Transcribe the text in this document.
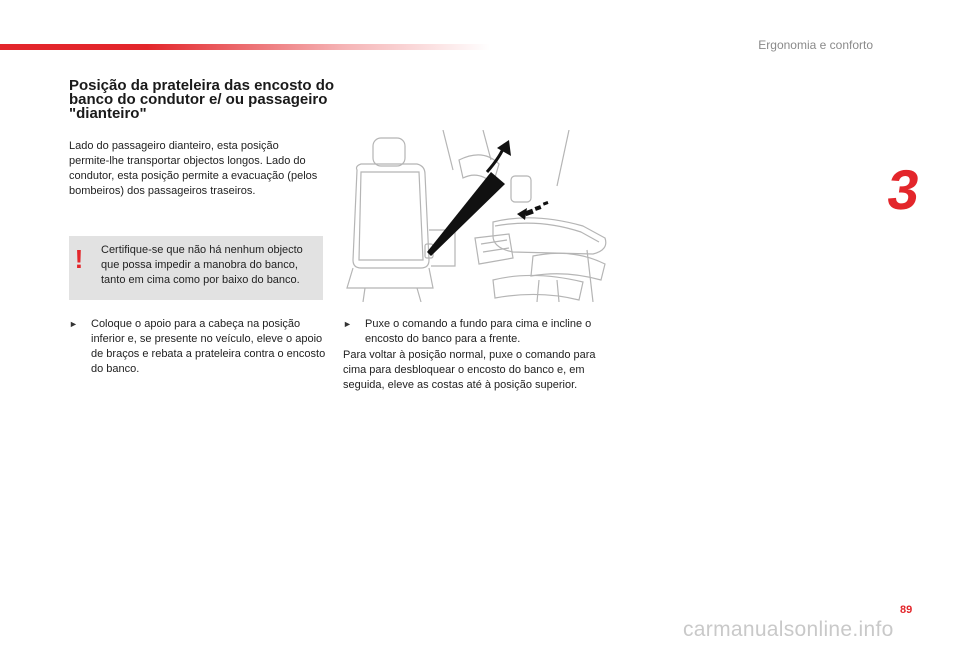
Ergonomia e conforto
3
Posição da prateleira das encosto do banco do condutor e/ ou passageiro "dianteiro"

Lado do passageiro dianteiro, esta posição permite-lhe transportar objectos longos. Lado do condutor, esta posição permite a evacuação (pelos bombeiros) dos passageiros traseiros.

!	Certifique-se que não há nenhum objecto que possa impedir a manobra do banco, tanto em cima como por baixo do banco.

►	Coloque o apoio para a cabeça na posição inferior e, se presente no veículo, eleve o apoio de braços e rebata a prateleira contra o encosto do banco.
►	Puxe o comando a fundo para cima e incline o encosto do banco para a frente.

Para voltar à posição normal, puxe o comando para cima para desbloquear o encosto do banco e, em seguida, eleve as costas até à posição superior.

89
carmanualsonline.info
